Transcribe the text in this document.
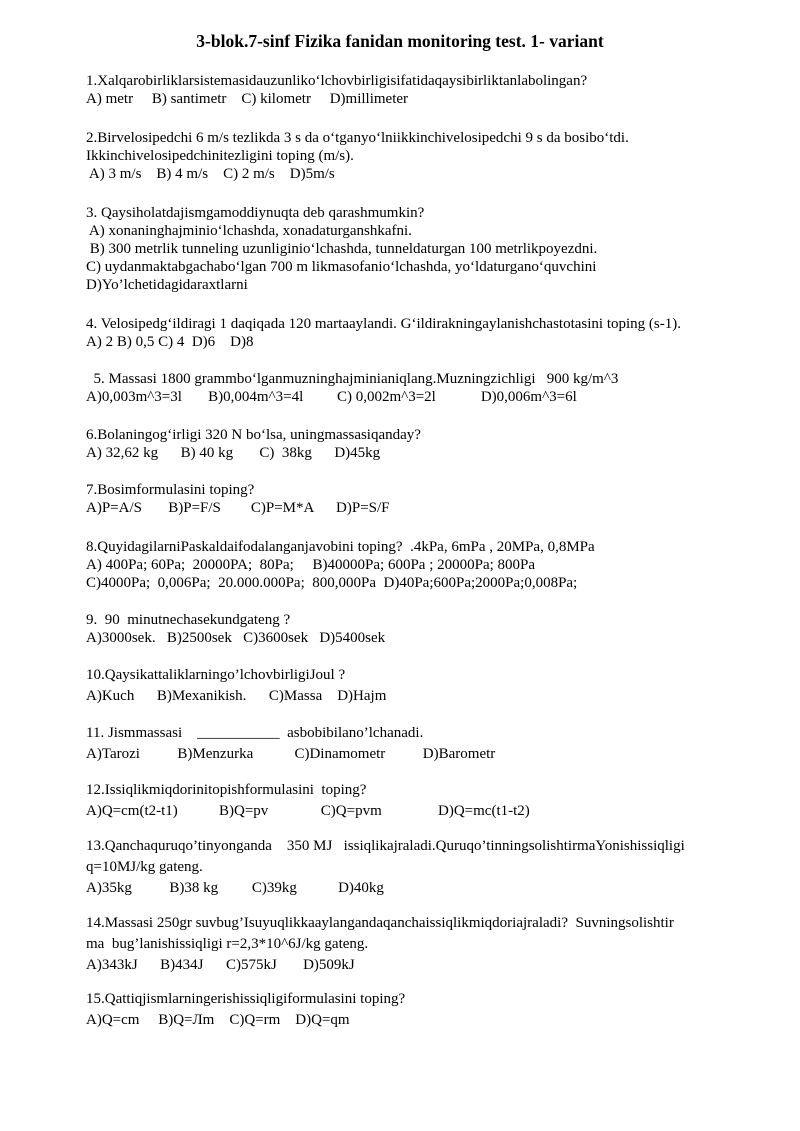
3-blok.7-sinf Fizika fanidan monitoring test. 1- variant
1.Xalqarobirliklarsistemasidauzunlikoʻlchovbirligisifatidaqaysibirliktanlabolingan?
A) metr     B) santimetr    C) kilometr     D)millimeter
2.Birvelosipedchi 6 m/s tezlikda 3 s da oʻtganyoʻlniikkinchivelosipedchi 9 s da bosiboʻtdi.
Ikkinchivelosipedchinitezligini toping (m/s).
A) 3 m/s    B) 4 m/s    C) 2 m/s    D)5m/s
3. Qaysiholatdajismgamoddiynuqta deb qarashmumkin?
A) xonaninghajminioʻlchashda, xonadaturganshkafni.
B) 300 metrlik tunneling uzunliginioʻlchashda, tunneldaturgan 100 metrlikpoyezdni.
C) uydanmaktabgachaboʻlgan 700 m likmasofanioʻlchashda, yoʻldaturganoʻquvchini
D)Yo’lchetidagidaraxtlarni
4. Velosipedgʻildiragi 1 daqiqada 120 martaaylandi. Gʻildirakningaylanishchastotasini toping (s-1).
A) 2 B) 0,5 C) 4  D)6    D)8
5. Massasi 1800 grammboʻlganmuzninghajminianiqlang.Muzningzichligi   900 kg/m^3
A)0,003m^3=3l       B)0,004m^3=4l         C) 0,002m^3=2l            D)0,006m^3=6l
6.Bolaningogʻirligi 320 N boʻlsa, uningmassasiqanday?
A) 32,62 kg      B) 40 kg       C)  38kg      D)45kg
7.Bosimformulasini toping?
A)P=A/S       B)P=F/S        C)P=M*A      D)P=S/F
8.QuyidagilarniPaskaldaifodalanganjavobini toping?  .4kPa, 6mPa , 20MPa, 0,8MPa
A) 400Pa; 60Pa;  20000PA;  80Pa;     B)40000Pa; 600Pa ; 20000Pa; 800Pa
C)4000Pa;  0,006Pa;  20.000.000Pa;  800,000Pa  D)40Pa;600Pa;2000Pa;0,008Pa;
9.  90  minutnechasekundgateng ?
A)3000sek.   B)2500sek   C)3600sek   D)5400sek
10.Qaysikattaliklarningo’lchovbirligiJoul ?
A)Kuch      B)Mexanikish.      C)Massa    D)Hajm
11. Jismmassasi    ___________  asbobibilano’lchanadi.
A)Tarozi          B)Menzurka           C)Dinamometr          D)Barometr
12.Issiqlikmiqdorinitopishformulasini  toping?
A)Q=cm(t2-t1)           B)Q=pv              C)Q=pvm               D)Q=mc(t1-t2)
13.Qanchaquruqo’tinyonganda    350 MJ   issiqlikajraladi.Quruqo’tinningsolishtirmaYonishissiqligi
q=10MJ/kg gateng.
A)35kg          B)38 kg         C)39kg           D)40kg
14.Massasi 250gr suvbug’Isuyuqlikkaaylangandaqanchaissiqlikmiqdoriajraladi?  Suvningsolishtir
ma  bug’lanishissiqligi r=2,3*10^6J/kg gateng.
A)343kJ      B)434J      C)575kJ       D)509kJ
15.Qattiqjismlarningerishissiqligiformulasini toping?
A)Q=cm     B)Q=Лm    C)Q=rm    D)Q=qm
